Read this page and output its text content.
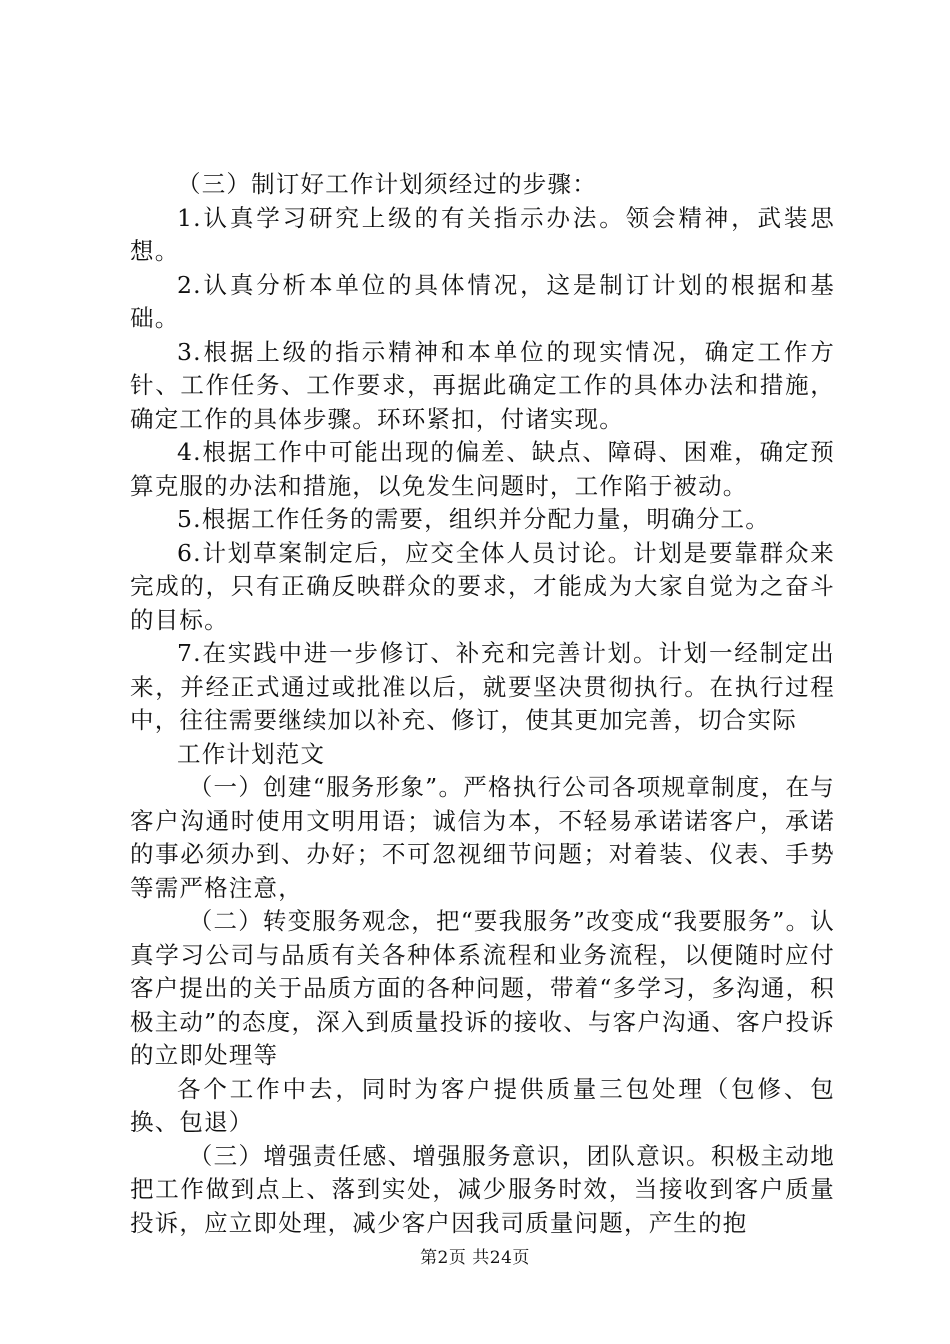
（三）制订好工作计划须经过的步骤：

1.认真学习研究上级的有关指示办法。领会精神，武装思想。

2.认真分析本单位的具体情况，这是制订计划的根据和基础。

3.根据上级的指示精神和本单位的现实情况，确定工作方针、工作任务、工作要求，再据此确定工作的具体办法和措施，确定工作的具体步骤。环环紧扣，付诸实现。

4.根据工作中可能出现的偏差、缺点、障碍、困难，确定预算克服的办法和措施，以免发生问题时，工作陷于被动。

5.根据工作任务的需要，组织并分配力量，明确分工。

6.计划草案制定后，应交全体人员讨论。计划是要靠群众来完成的，只有正确反映群众的要求，才能成为大家自觉为之奋斗的目标。

7.在实践中进一步修订、补充和完善计划。计划一经制定出来，并经正式通过或批准以后，就要坚决贯彻执行。在执行过程中，往往需要继续加以补充、修订，使其更加完善，切合实际

工作计划范文

（一）创建“服务形象”。严格执行公司各项规章制度，在与客户沟通时使用文明用语；诚信为本，不轻易承诺诺客户，承诺的事必须办到、办好；不可忽视细节问题；对着装、仪表、手势等需严格注意，

（二）转变服务观念，把“要我服务”改变成“我要服务”。认真学习公司与品质有关各种体系流程和业务流程，以便随时应付客户提出的关于品质方面的各种问题，带着“多学习，多沟通，积极主动”的态度，深入到质量投诉的接收、与客户沟通、客户投诉的立即处理等

各个工作中去，同时为客户提供质量三包处理（包修、包换、包退）

（三）增强责任感、增强服务意识，团队意识。积极主动地把工作做到点上、落到实处，减少服务时效，当接收到客户质量投诉，应立即处理，减少客户因我司质量问题，产生的抱

第2页 共24页
